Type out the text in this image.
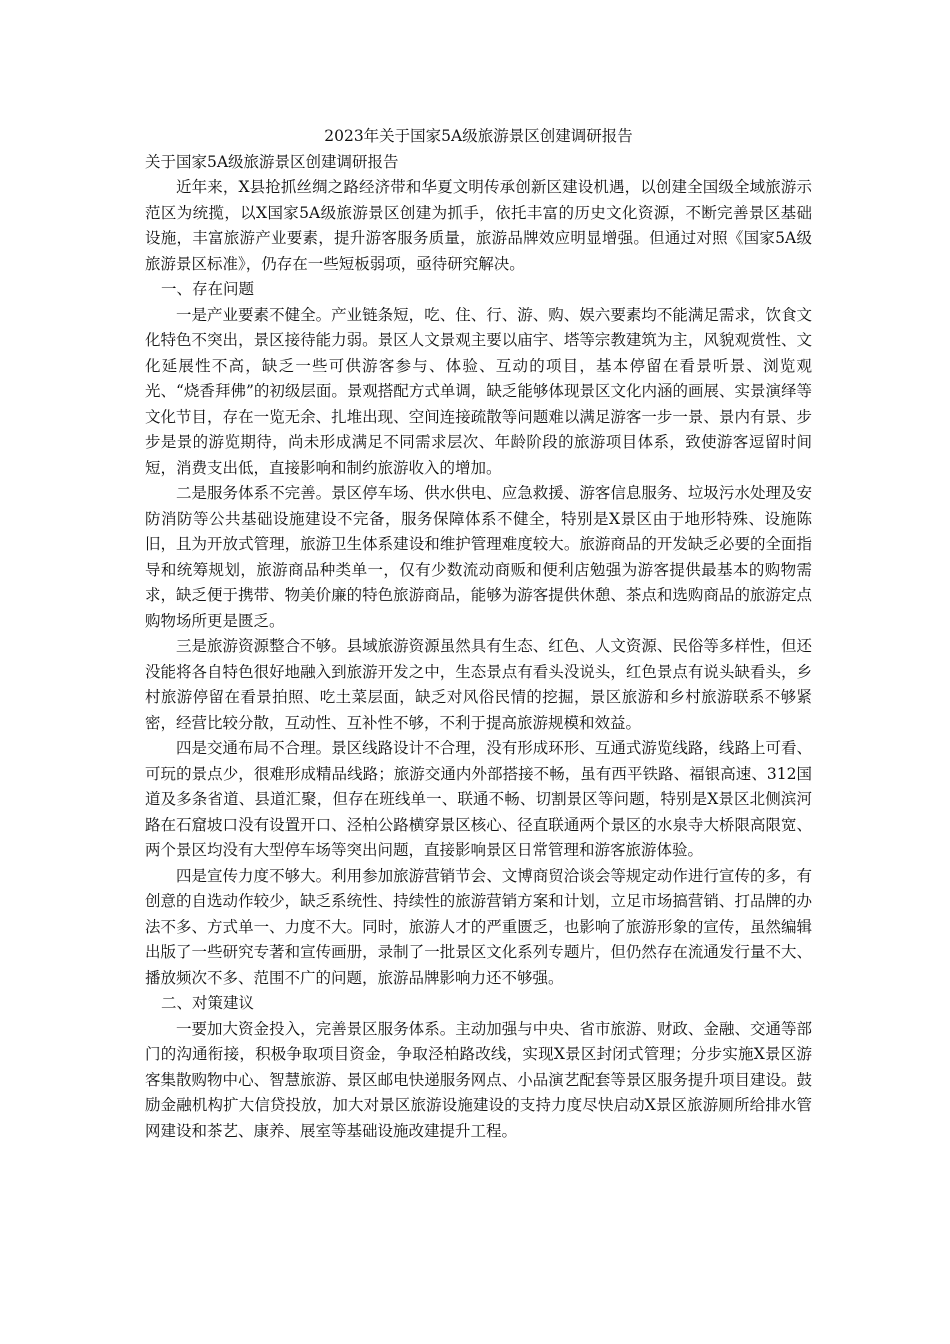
2023年关于国家5A级旅游景区创建调研报告

关于国家5A级旅游景区创建调研报告

近年来，X县抢抓丝绸之路经济带和华夏文明传承创新区建设机遇，以创建全国级全域旅游示范区为统揽，以X国家5A级旅游景区创建为抓手，依托丰富的历史文化资源，不断完善景区基础设施，丰富旅游产业要素，提升游客服务质量，旅游品牌效应明显增强。但通过对照《国家5A级旅游景区标准》，仍存在一些短板弱项，亟待研究解决。

一、存在问题

一是产业要素不健全。产业链条短，吃、住、行、游、购、娱六要素均不能满足需求，饮食文化特色不突出，景区接待能力弱。景区人文景观主要以庙宇、塔等宗教建筑为主，风貌观赏性、文化延展性不高，缺乏一些可供游客参与、体验、互动的项目，基本停留在看景听景、浏览观光、“烧香拜佛”的初级层面。景观搭配方式单调，缺乏能够体现景区文化内涵的画展、实景演绎等文化节目，存在一览无余、扎堆出现、空间连接疏散等问题难以满足游客一步一景、景内有景、步步是景的游览期待，尚未形成满足不同需求层次、年龄阶段的旅游项目体系，致使游客逗留时间短，消费支出低，直接影响和制约旅游收入的增加。

二是服务体系不完善。景区停车场、供水供电、应急救援、游客信息服务、垃圾污水处理及安防消防等公共基础设施建设不完备，服务保障体系不健全，特别是X景区由于地形特殊、设施陈旧，且为开放式管理，旅游卫生体系建设和维护管理难度较大。旅游商品的开发缺乏必要的全面指导和统筹规划，旅游商品种类单一，仅有少数流动商贩和便利店勉强为游客提供最基本的购物需求，缺乏便于携带、物美价廉的特色旅游商品，能够为游客提供休憩、茶点和选购商品的旅游定点购物场所更是匮乏。

三是旅游资源整合不够。县域旅游资源虽然具有生态、红色、人文资源、民俗等多样性，但还没能将各自特色很好地融入到旅游开发之中，生态景点有看头没说头，红色景点有说头缺看头，乡村旅游停留在看景拍照、吃土菜层面，缺乏对风俗民情的挖掘，景区旅游和乡村旅游联系不够紧密，经营比较分散，互动性、互补性不够，不利于提高旅游规模和效益。

四是交通布局不合理。景区线路设计不合理，没有形成环形、互通式游览线路，线路上可看、可玩的景点少，很难形成精品线路；旅游交通内外部搭接不畅，虽有西平铁路、福银高速、312国道及多条省道、县道汇聚，但存在班线单一、联通不畅、切割景区等问题，特别是X景区北侧滨河路在石窟坡口没有设置开口、泾柏公路横穿景区核心、径直联通两个景区的水泉寺大桥限高限宽、两个景区均没有大型停车场等突出问题，直接影响景区日常管理和游客旅游体验。

四是宣传力度不够大。利用参加旅游营销节会、文博商贸洽谈会等规定动作进行宣传的多，有创意的自选动作较少，缺乏系统性、持续性的旅游营销方案和计划，立足市场搞营销、打品牌的办法不多、方式单一、力度不大。同时，旅游人才的严重匮乏，也影响了旅游形象的宣传，虽然编辑出版了一些研究专著和宣传画册，录制了一批景区文化系列专题片，但仍然存在流通发行量不大、播放频次不多、范围不广的问题，旅游品牌影响力还不够强。

二、对策建议

一要加大资金投入，完善景区服务体系。主动加强与中央、省市旅游、财政、金融、交通等部门的沟通衔接，积极争取项目资金，争取泾柏路改线，实现X景区封闭式管理；分步实施X景区游客集散购物中心、智慧旅游、景区邮电快递服务网点、小品演艺配套等景区服务提升项目建设。鼓励金融机构扩大信贷投放，加大对景区旅游设施建设的支持力度尽快启动X景区旅游厕所给排水管网建设和茶艺、康养、展室等基础设施改建提升工程。
